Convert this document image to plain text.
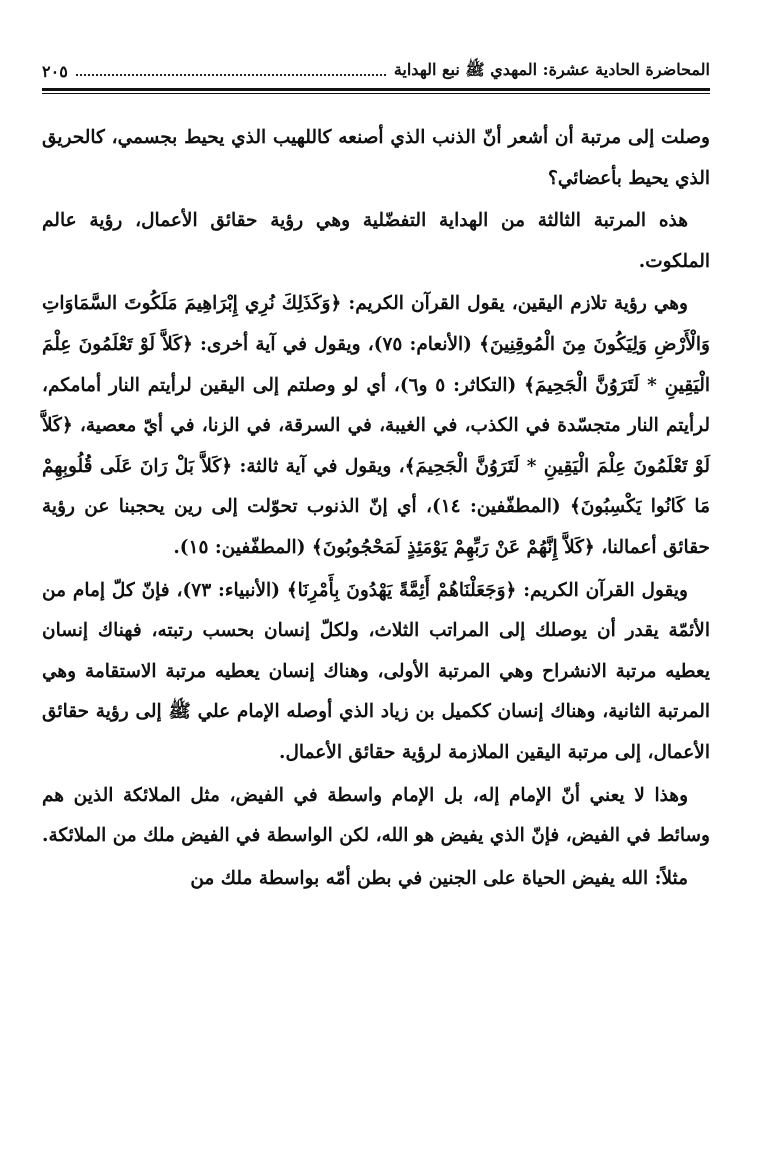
المحاضرة الحادية عشرة: المهدي ﷺ نبع الهداية
٢٠٥

وصلت إلى مرتبة أن أشعر أنّ الذنب الذي أصنعه كاللهيب الذي يحيط بجسمي، كالحريق الذي يحيط بأعضائي؟

هذه المرتبة الثالثة من الهداية التفضّلية وهي رؤية حقائق الأعمال، رؤية عالم الملكوت.

وهي رؤية تلازم اليقين، يقول القرآن الكريم: ﴿وَكَذَلِكَ نُرِي إِبْرَاهِيمَ مَلَكُوتَ السَّمَاوَاتِ وَالْأَرْضِ وَلِيَكُونَ مِنَ الْمُوقِنِينَ﴾ (الأنعام: ٧٥)، ويقول في آية أخرى: ﴿كَلاَّ لَوْ تَعْلَمُونَ عِلْمَ الْيَقِينِ * لَتَرَوُنَّ الْجَحِيمَ﴾ (التكاثر: ٥ و٦)، أي لو وصلتم إلى اليقين لرأيتم النار أمامكم، لرأيتم النار متجسّدة في الكذب، في الغيبة، في السرقة، في الزنا، في أيّ معصية، ﴿كَلاَّ لَوْ تَعْلَمُونَ عِلْمَ الْيَقِينِ * لَتَرَوُنَّ الْجَحِيمَ﴾، ويقول في آية ثالثة: ﴿كَلاَّ بَلْ رَانَ عَلَى قُلُوبِهِمْ مَا كَانُوا يَكْسِبُونَ﴾ (المطفّفين: ١٤)، أي إنّ الذنوب تحوّلت إلى رين يحجبنا عن رؤية حقائق أعمالنا، ﴿كَلاَّ إِنَّهُمْ عَنْ رَبِّهِمْ يَوْمَئِذٍ لَمَحْجُوبُونَ﴾ (المطفّفين: ١٥).

ويقول القرآن الكريم: ﴿وَجَعَلْنَاهُمْ أَئِمَّةً يَهْدُونَ بِأَمْرِنَا﴾ (الأنبياء: ٧٣)، فإنّ كلّ إمام من الأئمّة يقدر أن يوصلك إلى المراتب الثلاث، ولكلّ إنسان بحسب رتبته، فهناك إنسان يعطيه مرتبة الانشراح وهي المرتبة الأولى، وهناك إنسان يعطيه مرتبة الاستقامة وهي المرتبة الثانية، وهناك إنسان ككميل بن زياد الذي أوصله الإمام علي ﷺ إلى رؤية حقائق الأعمال، إلى مرتبة اليقين الملازمة لرؤية حقائق الأعمال.

وهذا لا يعني أنّ الإمام إله، بل الإمام واسطة في الفيض، مثل الملائكة الذين هم وسائط في الفيض، فإنّ الذي يفيض هو الله، لكن الواسطة في الفيض ملك من الملائكة.

مثلاً: الله يفيض الحياة على الجنين في بطن أمّه بواسطة ملك من
